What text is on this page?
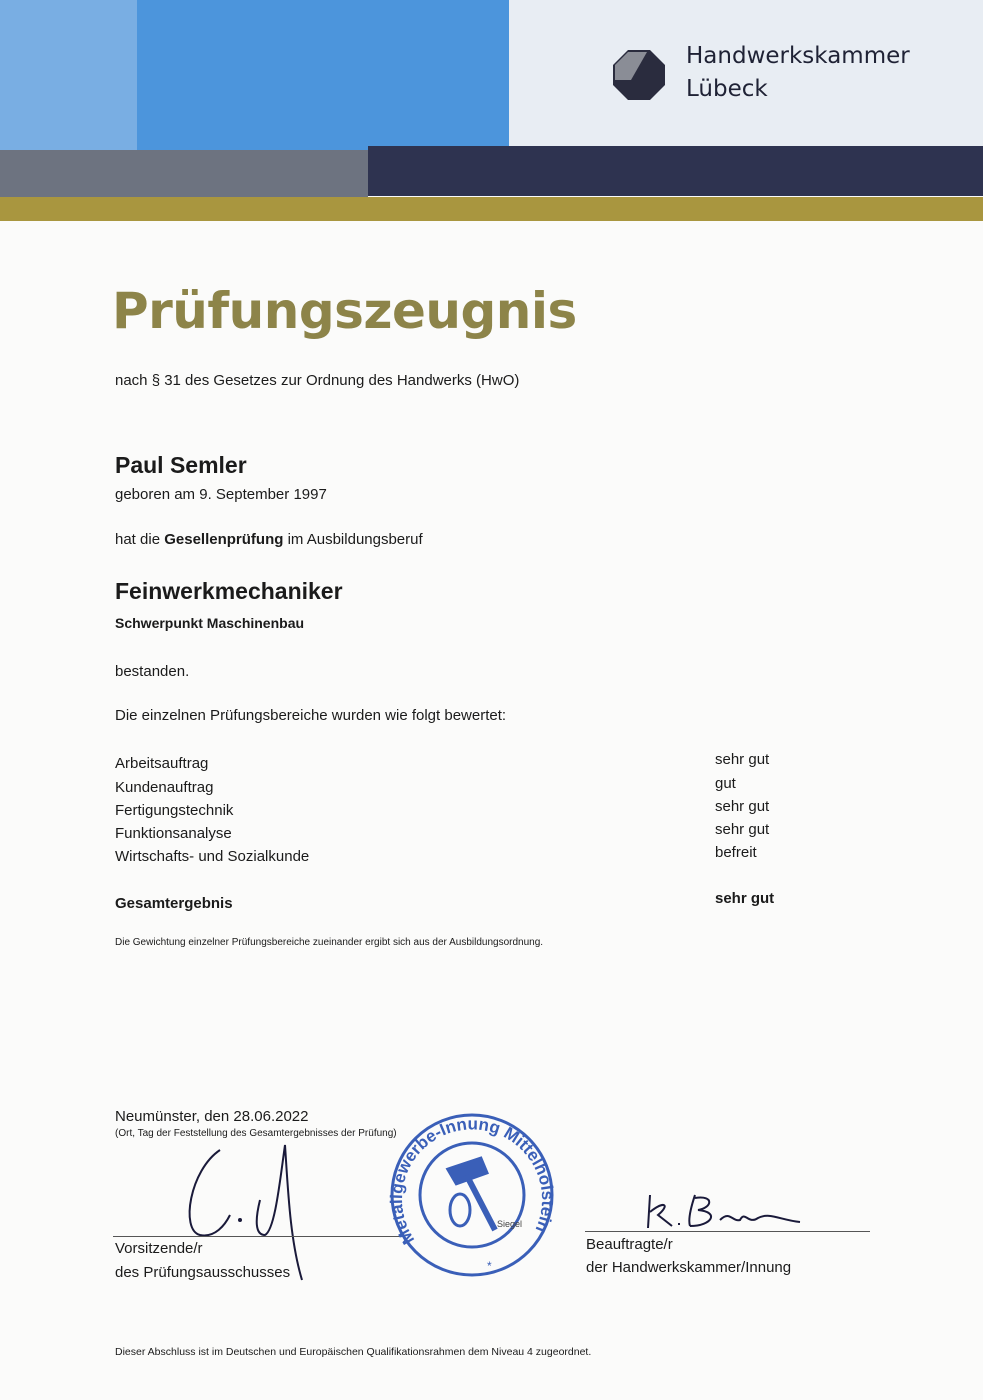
Handwerkskammer
Lübeck
Prüfungszeugnis
nach § 31 des Gesetzes zur Ordnung des Handwerks (HwO)
Paul Semler
geboren am 9. September 1997
hat die Gesellenprüfung im Ausbildungsberuf
Feinwerkmechaniker
Schwerpunkt Maschinenbau
bestanden.
Die einzelnen Prüfungsbereiche wurden wie folgt bewertet:
Arbeitsauftrag
Kundenauftrag
Fertigungstechnik
Funktionsanalyse
Wirtschafts- und Sozialkunde
sehr gut
gut
sehr gut
sehr gut
befreit
Gesamtergebnis	sehr gut
Die Gewichtung einzelner Prüfungsbereiche zueinander ergibt sich aus der Ausbildungsordnung.
Neumünster, den 28.06.2022
(Ort, Tag der Feststellung des Gesamtergebnisses der Prüfung)
Vorsitzende/r
des Prüfungsausschusses
Metallgewerbe-Innung Mittelholstein
Siegel
*
Beauftragte/r
der Handwerkskammer/Innung
Dieser Abschluss ist im Deutschen und Europäischen Qualifikationsrahmen dem Niveau 4 zugeordnet.
